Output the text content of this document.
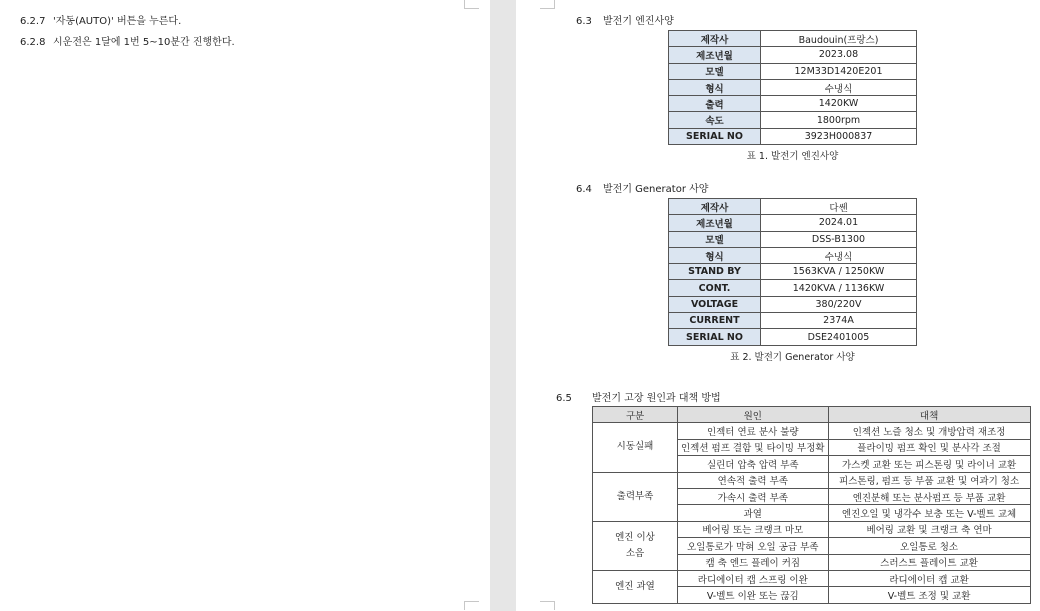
6.2.7 '자동(AUTO)' 버튼을 누른다.
6.2.8 시운전은 1달에 1번 5~10분간 진행한다.
6.3 발전기 엔진사양
제작사	Baudouin(프랑스)
제조년월	2023.08
모델	12M33D1420E201
형식	수냉식
출력	1420KW
속도	1800rpm
SERIAL NO	3923H000837
표 1. 발전기 엔진사양
6.4 발전기 Generator 사양
제작사	다쎈
제조년월	2024.01
모델	DSS-B1300
형식	수냉식
STAND BY	1563KVA / 1250KW
CONT.	1420KVA / 1136KW
VOLTAGE	380/220V
CURRENT	2374A
SERIAL NO	DSE2401005
표 2. 발전기 Generator 사양
6.5 발전기 고장 원인과 대책 방법
구분	원인	대책
시동실패	인젝터 연료 분사 불량	인젝션 노즐 청소 및 개방압력 재조정
	인젝션 펌프 결함 및 타이밍 부정확	플라이밍 펌프 확인 및 분사각 조절
	실린더 압축 압력 부족	가스켓 교환 또는 피스톤링 및 라이너 교환
출력부족	연속적 출력 부족	피스톤링, 펌프 등 부품 교환 및 여과기 청소
	가속시 출력 부족	엔진분해 또는 분사펌프 등 부품 교환
	과열	엔진오일 및 냉각수 보충 또는 V-벨트 교체
엔진 이상
소음	베어링 또는 크랭크 마모	베어링 교환 및 크랭크 축 연마
	오일통로가 막혀 오일 공급 부족	오일통로 청소
	캠 축 엔드 플레이 커짐	스러스트 플레이트 교환
엔진 과열	라디에이터 캡 스프링 이완	라디에이터 캡 교환
	V-벨트 이완 또는 끊김	V-벨트 조정 및 교환
